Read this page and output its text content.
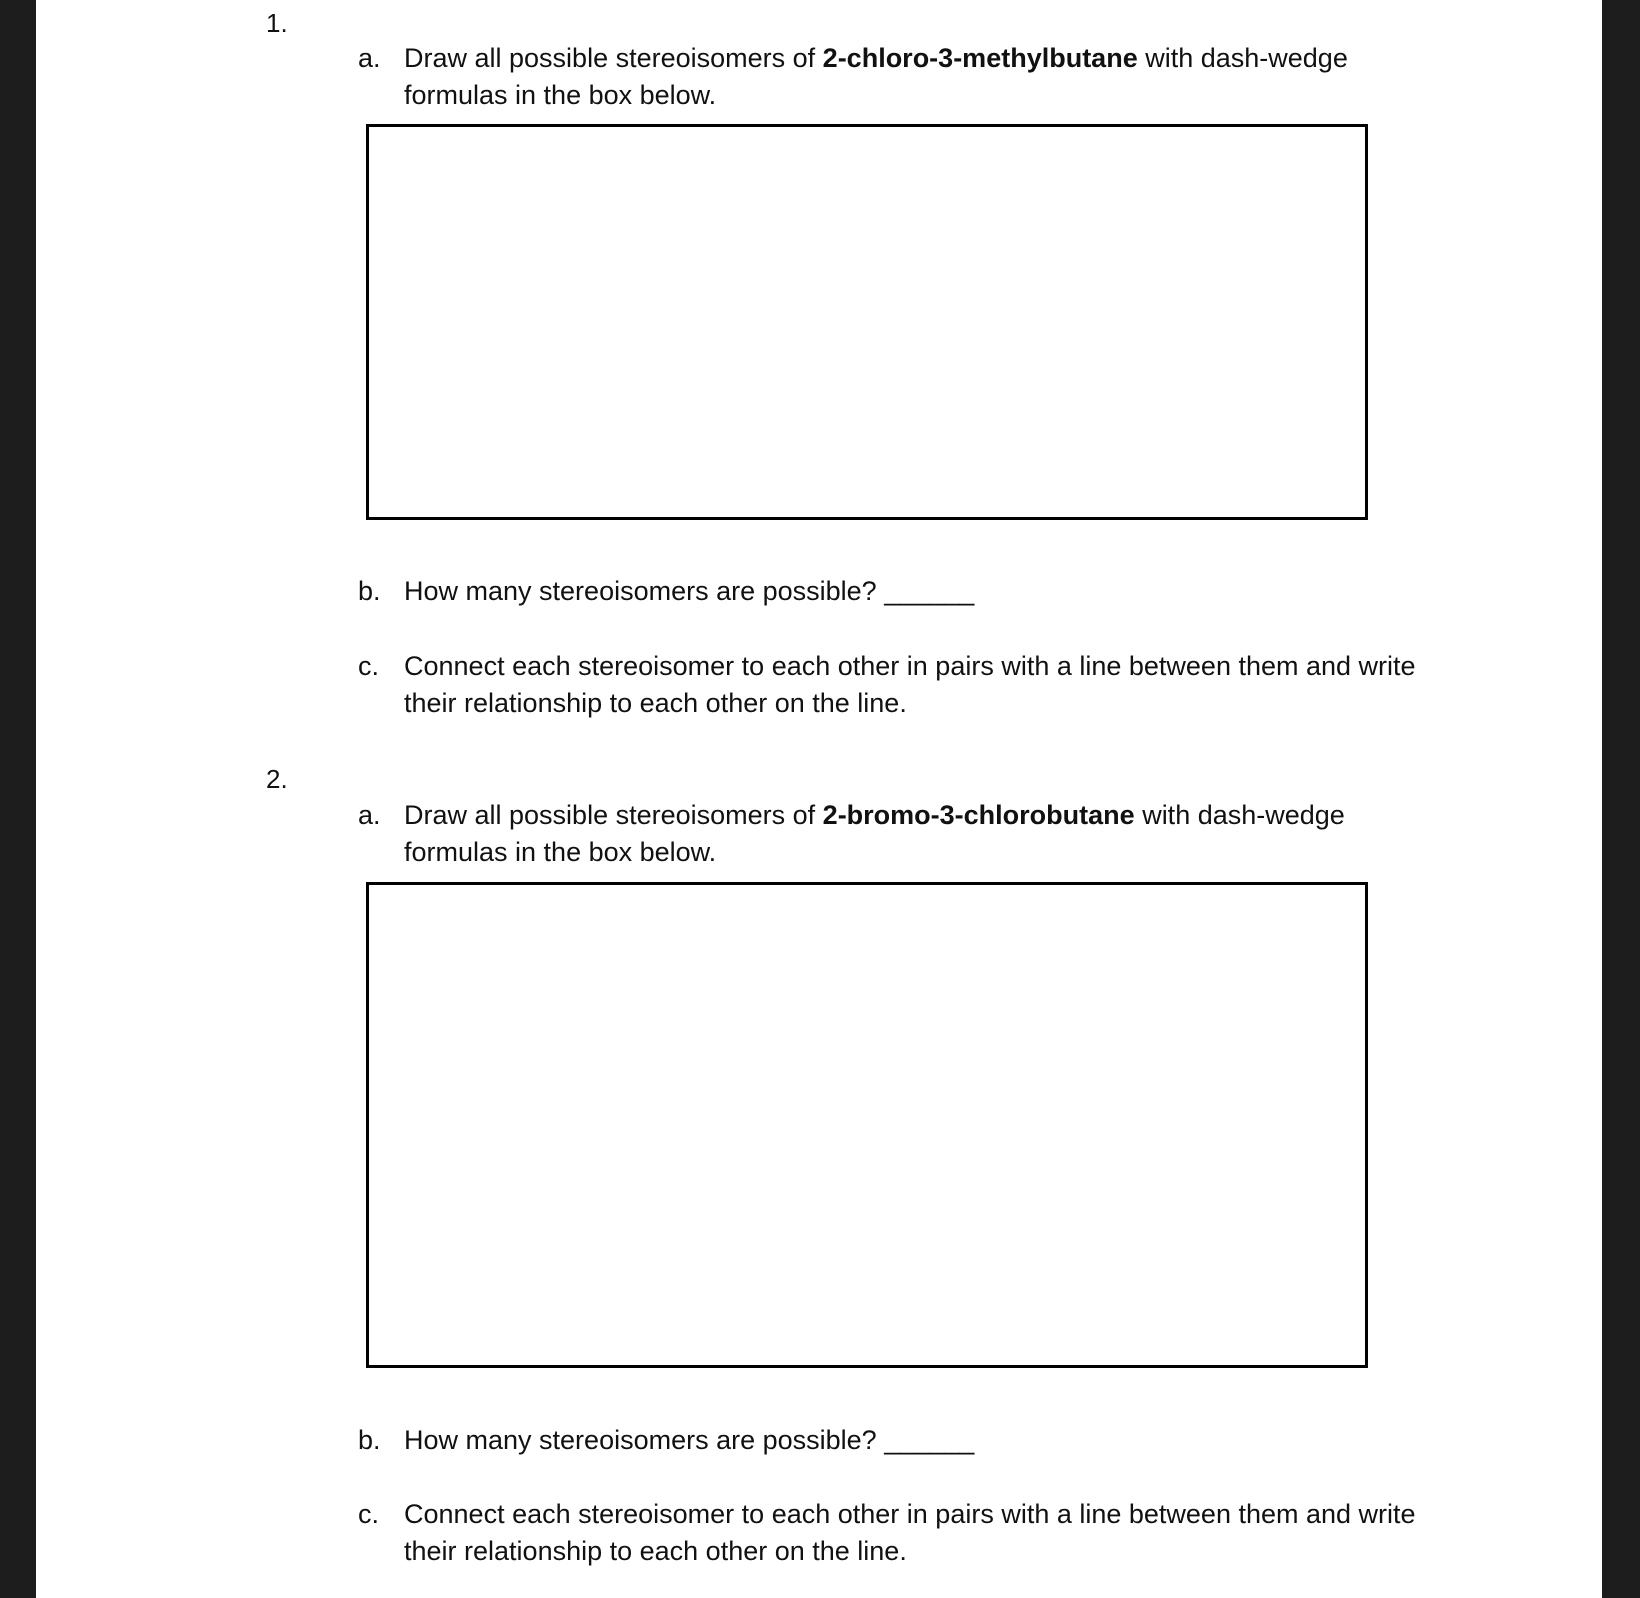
1.
a. Draw all possible stereoisomers of 2-chloro-3-methylbutane with dash-wedge formulas in the box below.
b. How many stereoisomers are possible? ______
c. Connect each stereoisomer to each other in pairs with a line between them and write their relationship to each other on the line.
2.
a. Draw all possible stereoisomers of 2-bromo-3-chlorobutane with dash-wedge formulas in the box below.
b. How many stereoisomers are possible? ______
c. Connect each stereoisomer to each other in pairs with a line between them and write their relationship to each other on the line.
